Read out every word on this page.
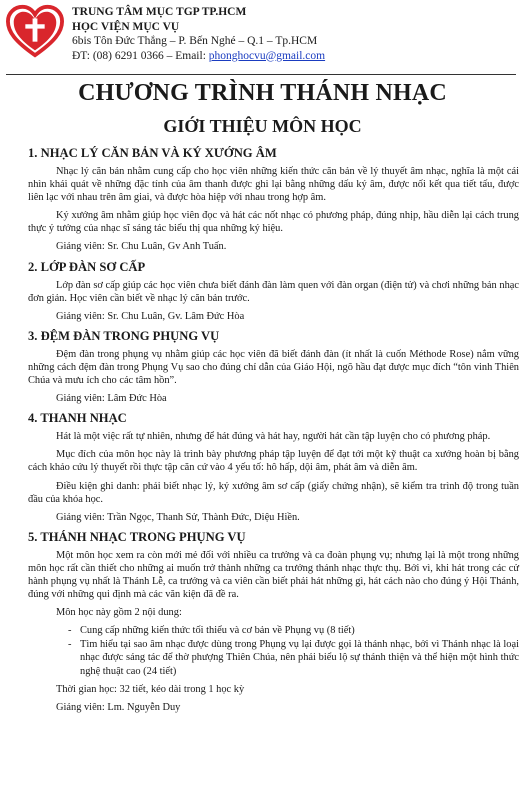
TRUNG TÂM MỤC TGP TP.HCM
HỌC VIỆN MỤC VỤ
6bis Tôn Đức Thắng – P. Bến Nghé – Q.1 – Tp.HCM
ĐT: (08) 6291 0366 – Email: phonghocvu@gmail.com
CHƯƠNG TRÌNH THÁNH NHẠC
GIỚI THIỆU MÔN HỌC
1. NHẠC LÝ CĂN BẢN VÀ KÝ XƯỚNG ÂM

Nhạc lý căn bản nhằm cung cấp cho học viên những kiến thức căn bản về lý thuyết âm nhạc, nghĩa là một cái nhìn khái quát về những đặc tính của âm thanh được ghi lại bằng những dấu ký âm, được nối kết qua tiết tấu, được liên lạc với nhau trên âm giai, và được hòa hiệp với nhau trong hợp âm.

Ký xướng âm nhằm giúp học viên đọc và hát các nốt nhạc có phương pháp, đúng nhịp, hầu diễn lại cách trung thực ý tưởng của nhạc sĩ sáng tác biểu thị qua những ký hiệu.

Giảng viên: Sr. Chu Luân, Gv Anh Tuấn.

2. LỚP ĐÀN SƠ CẤP

Lớp đàn sơ cấp giúp các học viên chưa biết đánh đàn làm quen với đàn organ (điện tử) và chơi những bản nhạc đơn giản. Học viên cần biết về nhạc lý căn bản trước.

Giảng viên: Sr. Chu Luân, Gv. Lâm Đức Hòa

3. ĐỆM ĐÀN TRONG PHỤNG VỤ

Đệm đàn trong phụng vụ nhằm giúp các học viên đã biết đánh đàn (ít nhất là cuốn Méthode Rose) nắm vững những cách đệm đàn trong Phụng Vụ sao cho đúng chỉ dẫn của Giáo Hội, ngõ hầu đạt được mục đích “tôn vinh Thiên Chúa và mưu ích cho các tâm hồn”.

Giảng viên: Lâm Đức Hòa

4. THANH NHẠC

Hát là một việc rất tự nhiên, nhưng để hát đúng và hát hay, người hát cần tập luyện cho có phương pháp.

Mục đích của môn học này là trình bày phương pháp tập luyện để đạt tới một kỹ thuật ca xướng hoàn bị bằng cách khảo cứu lý thuyết rồi thực tập căn cứ vào 4 yếu tố: hô hấp, dội âm, phát âm và diễn âm.

Điều kiện ghi danh: phải biết nhạc lý, ký xướng âm sơ cấp (giấy chứng nhận), sẽ kiểm tra trình độ trong tuần đầu của khóa học.

Giảng viên: Trần Ngọc, Thanh Sử, Thành Đức, Diệu Hiền.

5. THÁNH NHẠC TRONG PHỤNG VỤ

Một môn học xem ra còn mới mẻ đối với nhiều ca trưởng và ca đoàn phụng vụ; nhưng lại là một trong những môn học rất cần thiết cho những ai muốn trở thành những ca trưởng thánh nhạc thực thụ. Bởi vì, khi hát trong các cử hành phụng vụ nhất là Thánh Lễ, ca trưởng và ca viên cần biết phải hát những gì, hát cách nào cho đúng ý Hội Thánh, đúng với những qui định mà các văn kiện đã đề ra.

Môn học này gồm 2 nội dung:

- Cung cấp những kiến thức tối thiểu và cơ bản về Phụng vụ (8 tiết)
- Tìm hiểu tại sao âm nhạc được dùng trong Phụng vụ lại được gọi là thánh nhạc, bởi vì Thánh nhạc là loại nhạc được sáng tác để thờ phượng Thiên Chúa, nên phải biểu lộ sự thánh thiện và thể hiện một hình thức nghệ thuật cao (24 tiết)

Thời gian học: 32 tiết, kéo dài trong 1 học kỳ

Giảng viên: Lm. Nguyễn Duy
